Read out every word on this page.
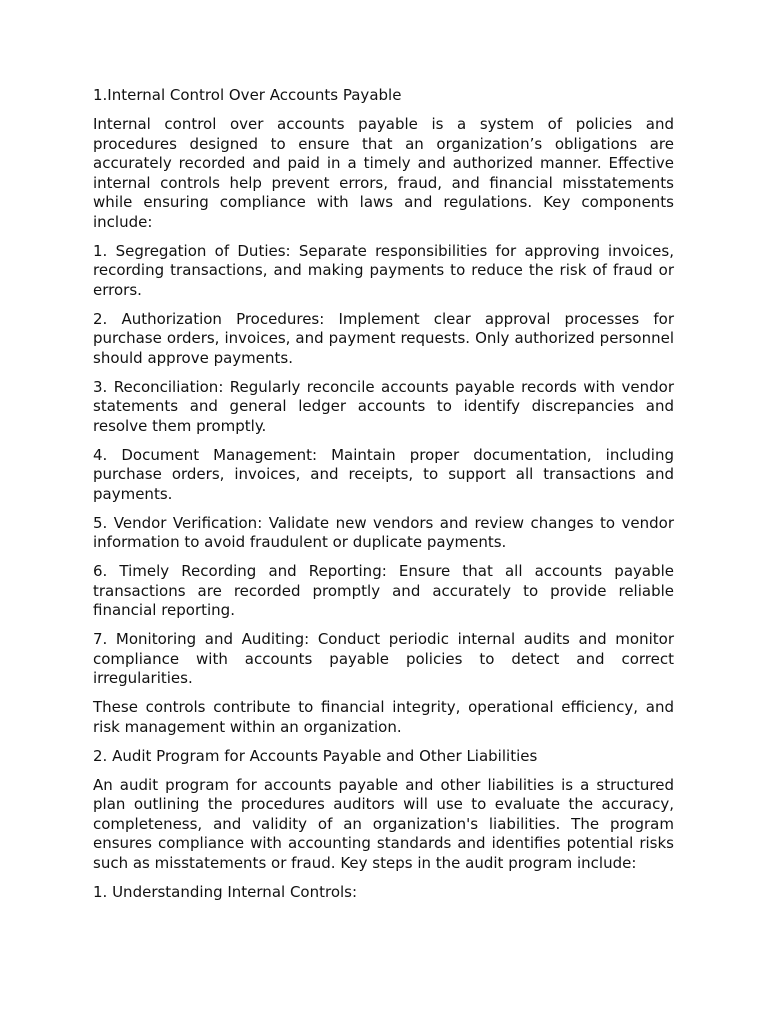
1.Internal Control Over Accounts Payable

Internal control over accounts payable is a system of policies and procedures designed to ensure that an organization’s obligations are accurately recorded and paid in a timely and authorized manner. Effective internal controls help prevent errors, fraud, and financial misstatements while ensuring compliance with laws and regulations. Key components include:

1. Segregation of Duties: Separate responsibilities for approving invoices, recording transactions, and making payments to reduce the risk of fraud or errors.

2. Authorization Procedures: Implement clear approval processes for purchase orders, invoices, and payment requests. Only authorized personnel should approve payments.

3. Reconciliation: Regularly reconcile accounts payable records with vendor statements and general ledger accounts to identify discrepancies and resolve them promptly.

4. Document Management: Maintain proper documentation, including purchase orders, invoices, and receipts, to support all transactions and payments.

5. Vendor Verification: Validate new vendors and review changes to vendor information to avoid fraudulent or duplicate payments.

6. Timely Recording and Reporting: Ensure that all accounts payable transactions are recorded promptly and accurately to provide reliable financial reporting.

7. Monitoring and Auditing: Conduct periodic internal audits and monitor compliance with accounts payable policies to detect and correct irregularities.

These controls contribute to financial integrity, operational efficiency, and risk management within an organization.

2. Audit Program for Accounts Payable and Other Liabilities

An audit program for accounts payable and other liabilities is a structured plan outlining the procedures auditors will use to evaluate the accuracy, completeness, and validity of an organization's liabilities. The program ensures compliance with accounting standards and identifies potential risks such as misstatements or fraud. Key steps in the audit program include:

1. Understanding Internal Controls:
